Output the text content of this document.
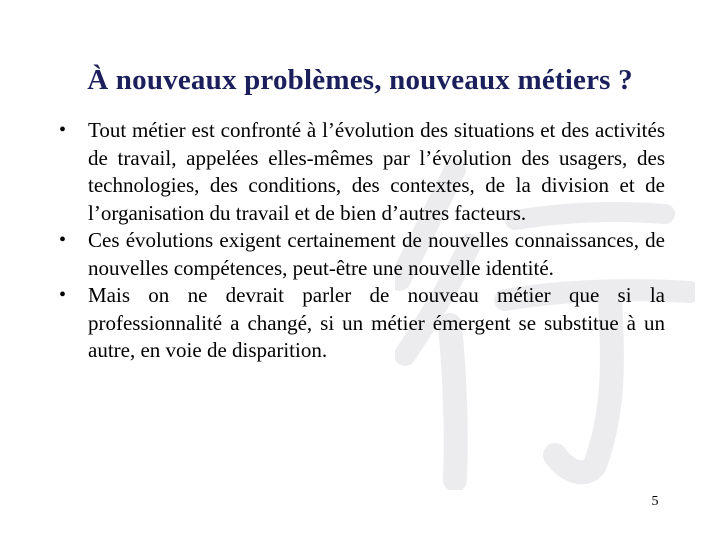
À nouveaux problèmes, nouveaux métiers ?
•	Tout métier est confronté à l’évolution des situations et des activités de travail, appelées elles-mêmes par l’évolution des usagers, des technologies, des conditions, des contextes, de la division et de l’organisation du travail et de bien d’autres facteurs.
•	Ces évolutions exigent certainement de nouvelles connaissances, de nouvelles compétences, peut-être une nouvelle identité.
•	Mais on ne devrait parler de nouveau métier que si la professionnalité a changé, si un métier émergent se substitue à un autre, en voie de disparition.
5
